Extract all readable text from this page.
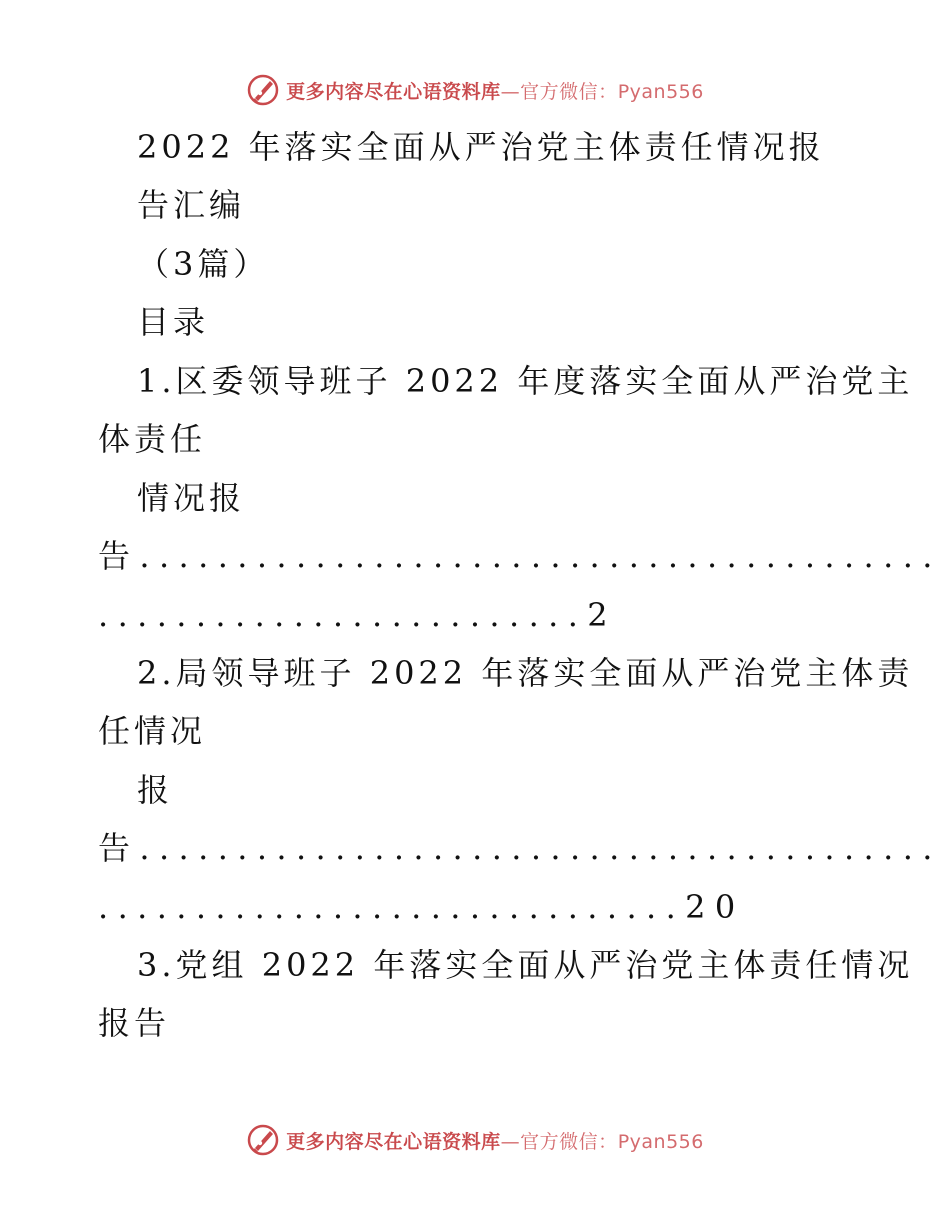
更多内容尽在心语资料库—官方微信：Pyan556
2022 年落实全面从严治党主体责任情况报
告汇编
（3篇）
目录
1.区委领导班子 2022 年度落实全面从严治党主
体责任
情况报
告.........................................
.........................2
2.局领导班子 2022 年落实全面从严治党主体责
任情况
报
告.........................................
..............................20
3.党组 2022 年落实全面从严治党主体责任情况
报告
更多内容尽在心语资料库—官方微信：Pyan556
